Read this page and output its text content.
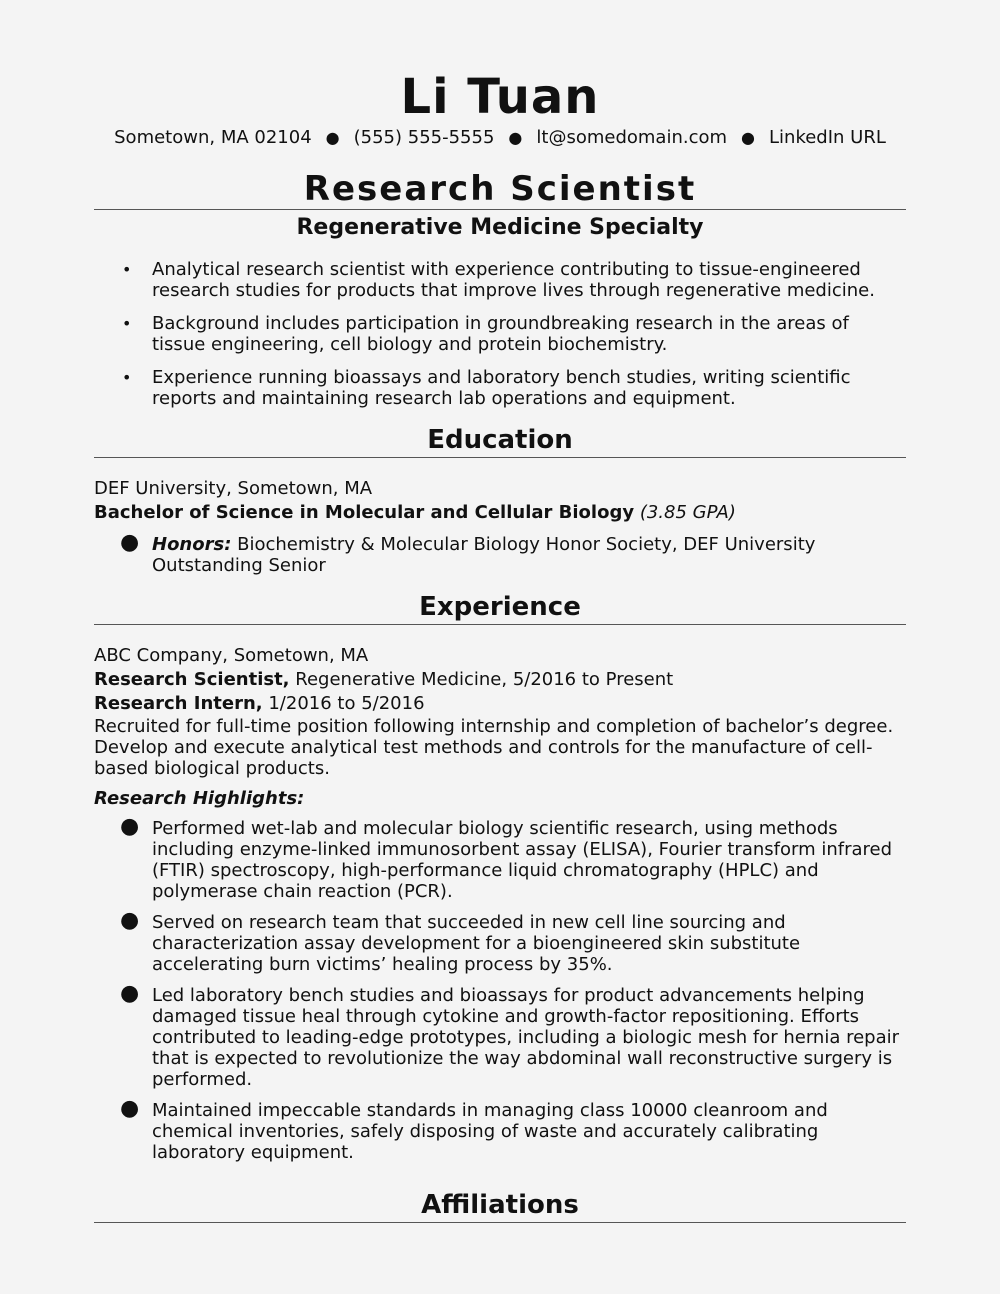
Li Tuan
Sometown, MA 02104 ● (555) 555-5555 ● lt@somedomain.com ● LinkedIn URL
Research Scientist
Regenerative Medicine Specialty
• Analytical research scientist with experience contributing to tissue-engineered research studies for products that improve lives through regenerative medicine.
• Background includes participation in groundbreaking research in the areas of tissue engineering, cell biology and protein biochemistry.
• Experience running bioassays and laboratory bench studies, writing scientific reports and maintaining research lab operations and equipment.
Education
DEF University, Sometown, MA
Bachelor of Science in Molecular and Cellular Biology (3.85 GPA)
● Honors: Biochemistry & Molecular Biology Honor Society, DEF University Outstanding Senior
Experience
ABC Company, Sometown, MA
Research Scientist, Regenerative Medicine, 5/2016 to Present
Research Intern, 1/2016 to 5/2016
Recruited for full-time position following internship and completion of bachelor’s degree. Develop and execute analytical test methods and controls for the manufacture of cell-based biological products.
Research Highlights:
● Performed wet-lab and molecular biology scientific research, using methods including enzyme-linked immunosorbent assay (ELISA), Fourier transform infrared (FTIR) spectroscopy, high-performance liquid chromatography (HPLC) and polymerase chain reaction (PCR).
● Served on research team that succeeded in new cell line sourcing and characterization assay development for a bioengineered skin substitute accelerating burn victims’ healing process by 35%.
● Led laboratory bench studies and bioassays for product advancements helping damaged tissue heal through cytokine and growth-factor repositioning. Efforts contributed to leading-edge prototypes, including a biologic mesh for hernia repair that is expected to revolutionize the way abdominal wall reconstructive surgery is performed.
● Maintained impeccable standards in managing class 10000 cleanroom and chemical inventories, safely disposing of waste and accurately calibrating laboratory equipment.
Affiliations
